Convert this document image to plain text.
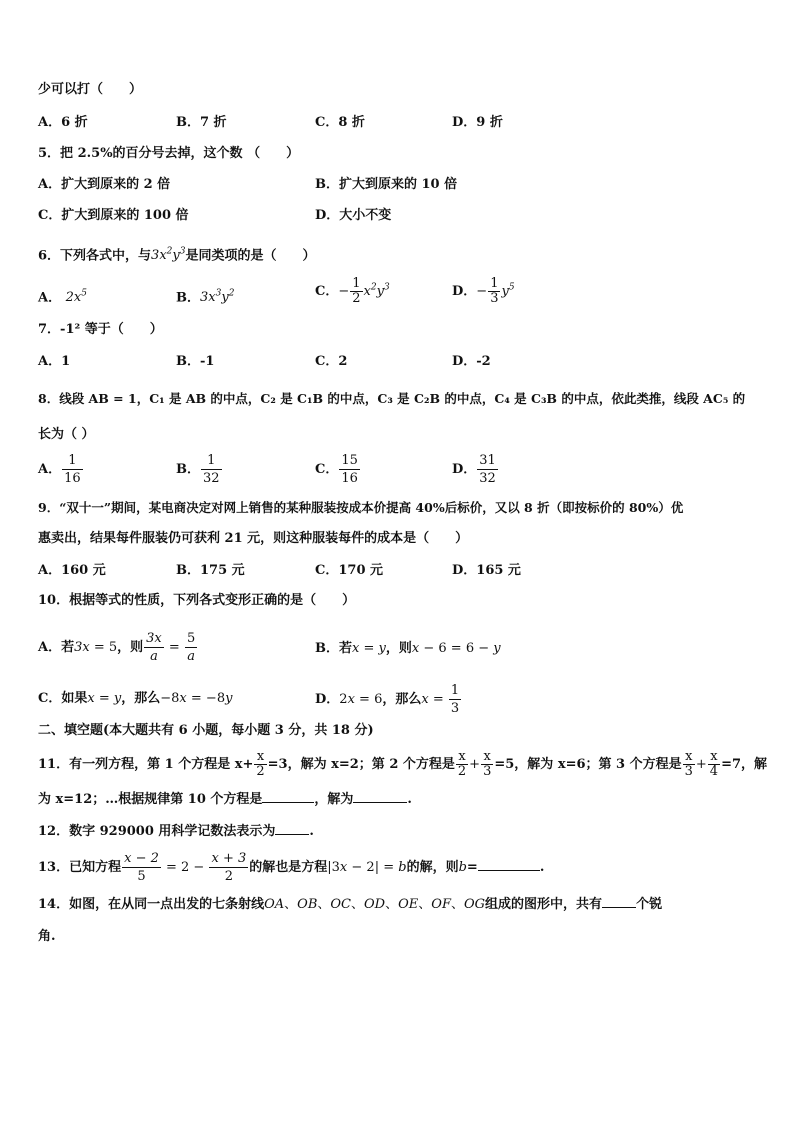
少可以打（　　）
A．6 折	B．7 折	C．8 折	D．9 折
5．把 2.5%的百分号去掉，这个数 （　　）
A．扩大到原来的 2 倍	B．扩大到原来的 10 倍
C．扩大到原来的 100 倍	D．大小不变
6．下列各式中，与$3x^2y^3$是同类项的是（　　）
A． $2x^5$	B．$3x^3y^2$	C．− $\frac{1}{2} x^2y^3$	D．− $\frac{1}{3} y^5$
7．-1² 等于（　　）
A．1	B．-1	C．2	D．-2
8．线段 AB = 1，C₁ 是 AB 的中点，C₂ 是 C₁B 的中点，C₃ 是 C₂B 的中点，C₄ 是 C₃B 的中点，依此类推，线段 AC₅ 的
长为（ ）
A． $\frac{1}{16}$	B． $\frac{1}{32}$	C． $\frac{15}{16}$	D． $\frac{31}{32}$
9．“双十一”期间，某电商决定对网上销售的某种服装按成本价提高 40%后标价，又以 8 折（即按标价的 80%）优
惠卖出，结果每件服装仍可获利 21 元，则这种服装每件的成本是（　　）
A．160 元	B．175 元	C．170 元	D．165 元
10．根据等式的性质，下列各式变形正确的是（　　）
A．若3x = 5，则 $\frac{3x}{a} = \frac{5}{a}$	B．若x = y，则x − 6 = 6 − y
C．如果x = y，那么−8x = −8y	D．2x = 6，那么$x = \frac{1}{3}$
二、填空题(本大题共有 6 小题，每小题 3 分，共 18 分)
11．有一列方程，第 1 个方程是 $x+ \frac{x}{2} =3$，解为 x=2；第 2 个方程是 $\frac{x}{2} + \frac{x}{3} =5$，解为 x=6；第 3 个方程是 $\frac{x}{3} + \frac{x}{4} =7$，解
为 x=12；…根据规律第 10 个方程是	，解为	.
12．数字 929000 用科学记数法表示为	.
13．已知方程 $\frac{x - 2}{5} = 2 - \frac{x + 3}{2}$ 的解也是方程|3x − 2| = b的解，则b=	.
14．如图，在从同一点出发的七条射线OA、OB、OC、OD、OE、OF、OG组成的图形中，共有	个锐
角.
